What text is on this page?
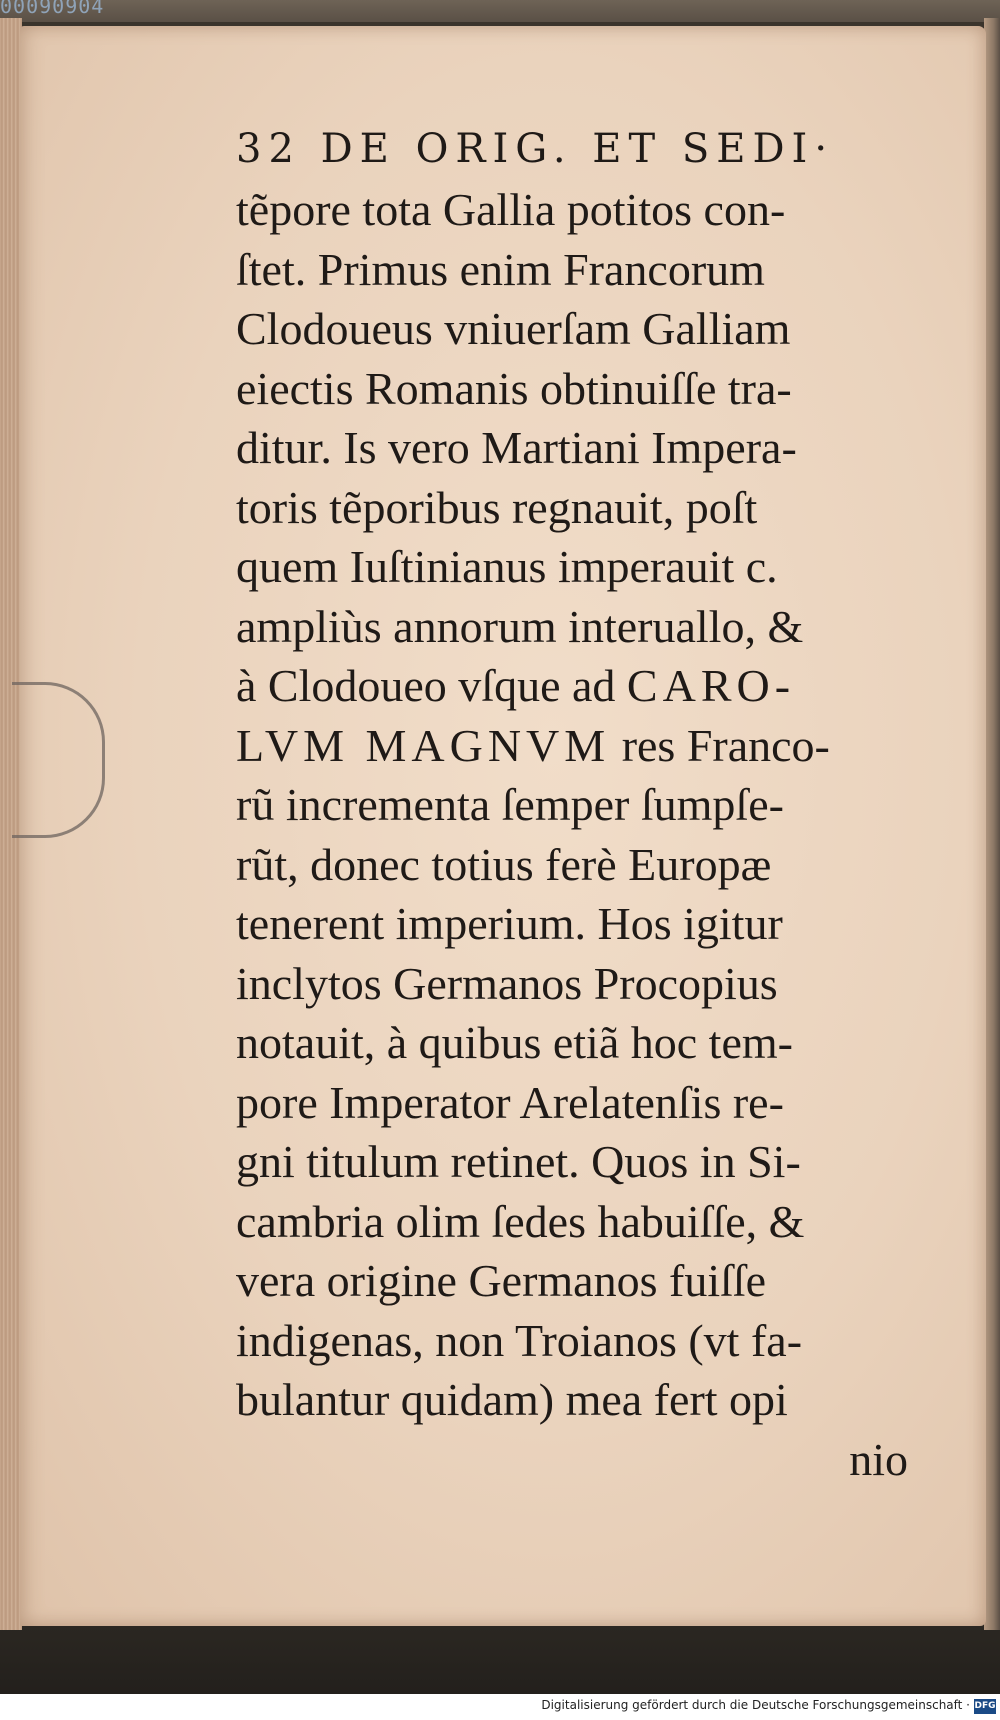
00090904
32 DE ORIG. ET SEDI·
tẽpore tota Gallia potitos con-
ſtet. Primus enim Francorum
Clodoueus vniuerſam Galliam
eiectis Romanis obtinuiſſe tra-
ditur. Is vero Martiani Impera-
toris tẽporibus regnauit, poſt
quem Iuſtinianus imperauit c.
ampliùs annorum interuallo, &
à Clodoueo vſque ad CARO-
LVM MAGNVM res Franco-
rũ incrementa ſemper ſumpſe-
rũt, donec totius ferè Europæ
tenerent imperium. Hos igitur
inclytos Germanos Procopius
notauit, à quibus etiã hoc tem-
pore Imperator Arelatenſis re-
gni titulum retinet. Quos in Si-
cambria olim ſedes habuiſſe, &
vera origine Germanos fuiſſe
indigenas, non Troianos (vt fa-
bulantur quidam) mea fert opi
nio
Digitalisierung gefördert durch die Deutsche Forschungsgemeinschaft · DFG
